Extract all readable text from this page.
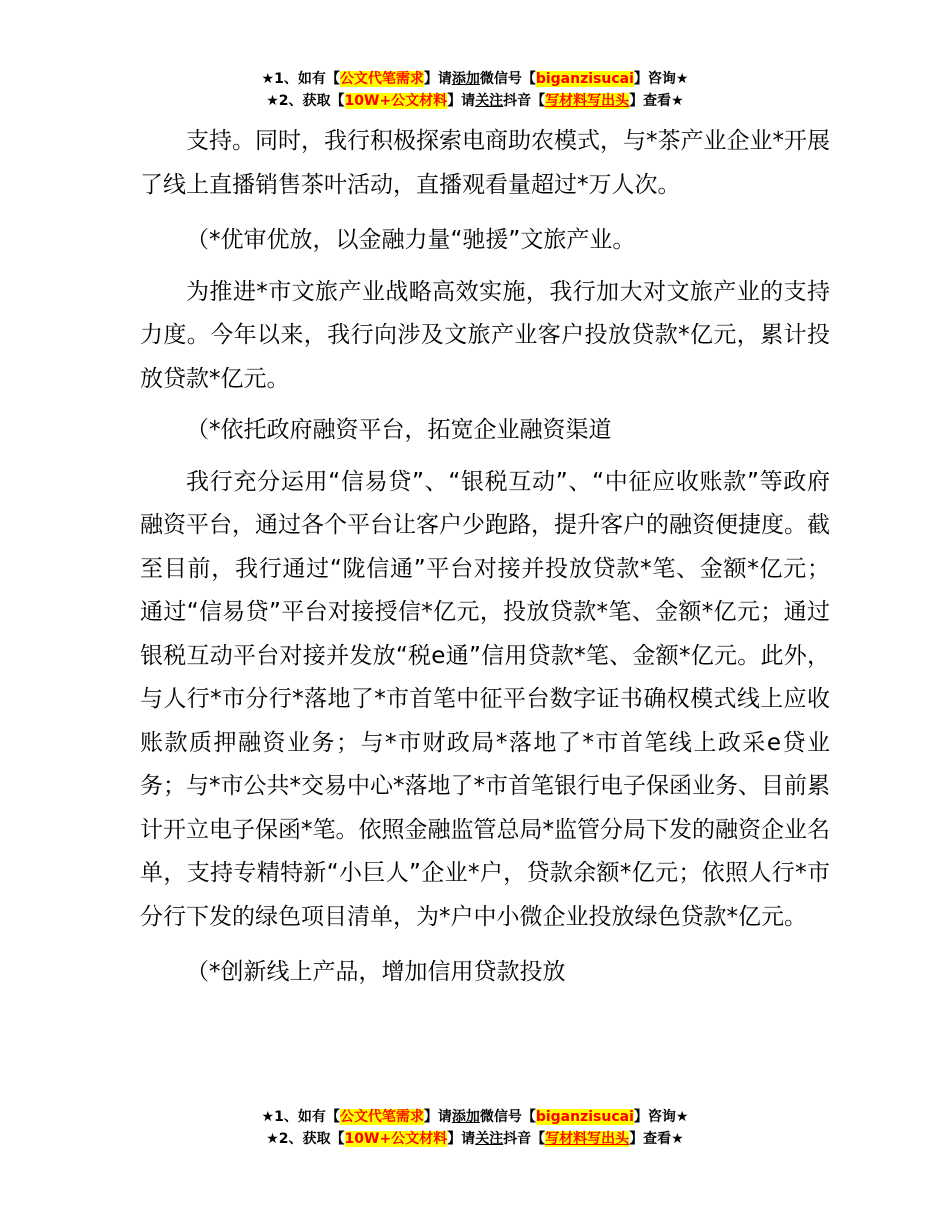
★1、如有【公文代笔需求】请添加微信号【biganzisucai】咨询★
★2、获取【10W+公文材料】请关注抖音【写材料写出头】查看★

支持。同时，我行积极探索电商助农模式，与*茶产业企业*开展了线上直播销售茶叶活动，直播观看量超过*万人次。

（*优审优放，以金融力量“驰援”文旅产业。

为推进*市文旅产业战略高效实施，我行加大对文旅产业的支持力度。今年以来，我行向涉及文旅产业客户投放贷款*亿元，累计投放贷款*亿元。

（*依托政府融资平台，拓宽企业融资渠道

我行充分运用“信易贷”、“银税互动”、“中征应收账款”等政府融资平台，通过各个平台让客户少跑路，提升客户的融资便捷度。截至目前，我行通过“陇信通”平台对接并投放贷款*笔、金额*亿元；通过“信易贷”平台对接授信*亿元，投放贷款*笔、金额*亿元；通过银税互动平台对接并发放“税e通”信用贷款*笔、金额*亿元。此外，与人行*市分行*落地了*市首笔中征平台数字证书确权模式线上应收账款质押融资业务；与*市财政局*落地了*市首笔线上政采e贷业务；与*市公共*交易中心*落地了*市首笔银行电子保函业务、目前累计开立电子保函*笔。依照金融监管总局*监管分局下发的融资企业名单，支持专精特新“小巨人”企业*户，贷款余额*亿元；依照人行*市分行下发的绿色项目清单，为*户中小微企业投放绿色贷款*亿元。

（*创新线上产品，增加信用贷款投放

★1、如有【公文代笔需求】请添加微信号【biganzisucai】咨询★
★2、获取【10W+公文材料】请关注抖音【写材料写出头】查看★
